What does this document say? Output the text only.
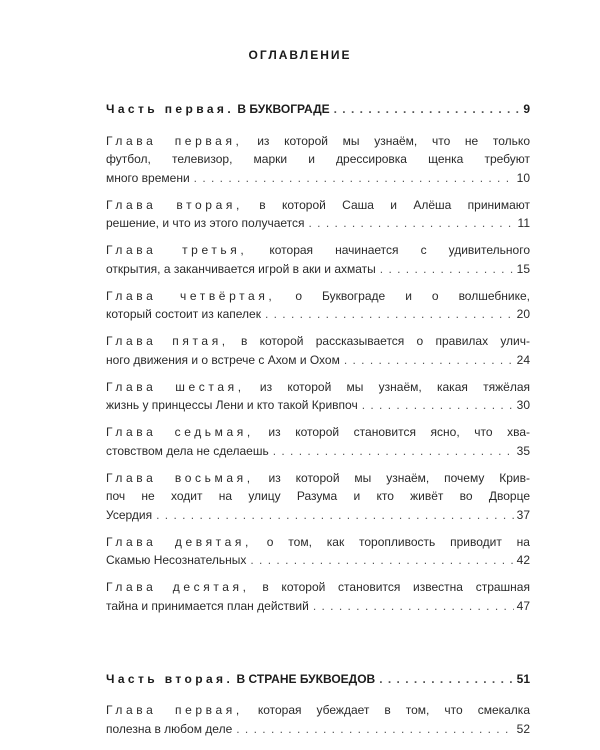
ОГЛАВЛЕНИЕ
Часть первая. В БУКВОГРАДЕ . . .	9
Глава первая, из которой мы узнаём, что не только
футбол, телевизор, марки и дрессировка щенка требуют
много времени . . .	10
Глава вторая, в которой Саша и Алёша принимают
решение, и что из этого получается . . .	11
Глава третья, которая начинается с удивительного
открытия, а заканчивается игрой в аки и ахматы . . .	15
Глава четвёртая, о Буквограде и о волшебнике,
который состоит из капелек . . .	20
Глава пятая, в которой рассказывается о правилах улич-
ного движения и о встрече с Ахом и Охом . . .	24
Глава шестая, из которой мы узнаём, какая тяжёлая
жизнь у принцессы Лени и кто такой Кривпоч . . .	30
Глава седьмая, из которой становится ясно, что хва-
стовством дела не сделаешь . . .	35
Глава восьмая, из которой мы узнаём, почему Крив-
поч не ходит на улицу Разума и кто живёт во Дворце
Усердия . . .	37
Глава девятая, о том, как торопливость приводит на
Скамью Несознательных . . .	42
Глава десятая, в которой становится известна страшная
тайна и принимается план действий . . .	47
Часть вторая. В СТРАНЕ БУКВОЕДОВ . . .	51
Глава первая, которая убеждает в том, что смекалка
полезна в любом деле . . .	52
